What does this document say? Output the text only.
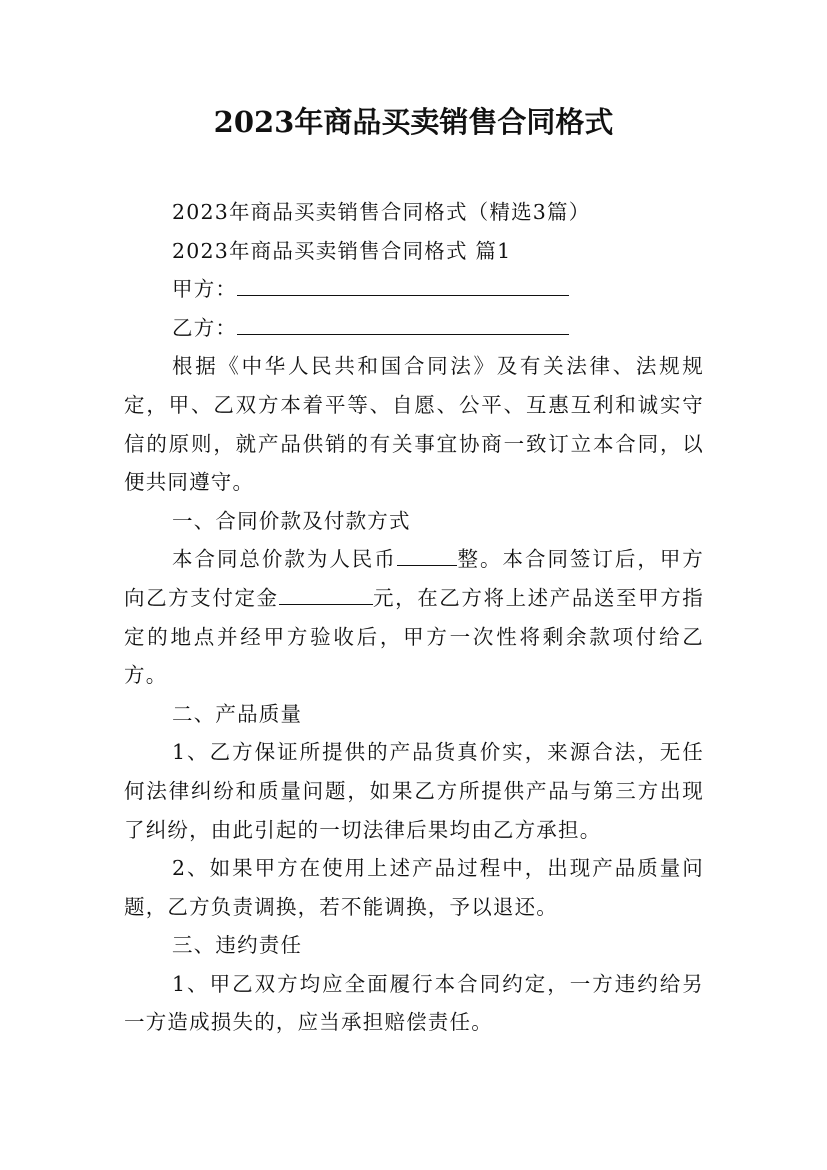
2023年商品买卖销售合同格式

2023年商品买卖销售合同格式（精选3篇）

2023年商品买卖销售合同格式 篇1

甲方：

乙方：

根据《中华人民共和国合同法》及有关法律、法规规定，甲、乙双方本着平等、自愿、公平、互惠互利和诚实守信的原则，就产品供销的有关事宜协商一致订立本合同，以便共同遵守。

一、合同价款及付款方式

本合同总价款为人民币	整。本合同签订后，甲方向乙方支付定金	元，在乙方将上述产品送至甲方指定的地点并经甲方验收后，甲方一次性将剩余款项付给乙方。

二、产品质量

1、乙方保证所提供的产品货真价实，来源合法，无任何法律纠纷和质量问题，如果乙方所提供产品与第三方出现了纠纷，由此引起的一切法律后果均由乙方承担。

2、如果甲方在使用上述产品过程中，出现产品质量问题，乙方负责调换，若不能调换，予以退还。

三、违约责任

1、甲乙双方均应全面履行本合同约定，一方违约给另一方造成损失的，应当承担赔偿责任。
